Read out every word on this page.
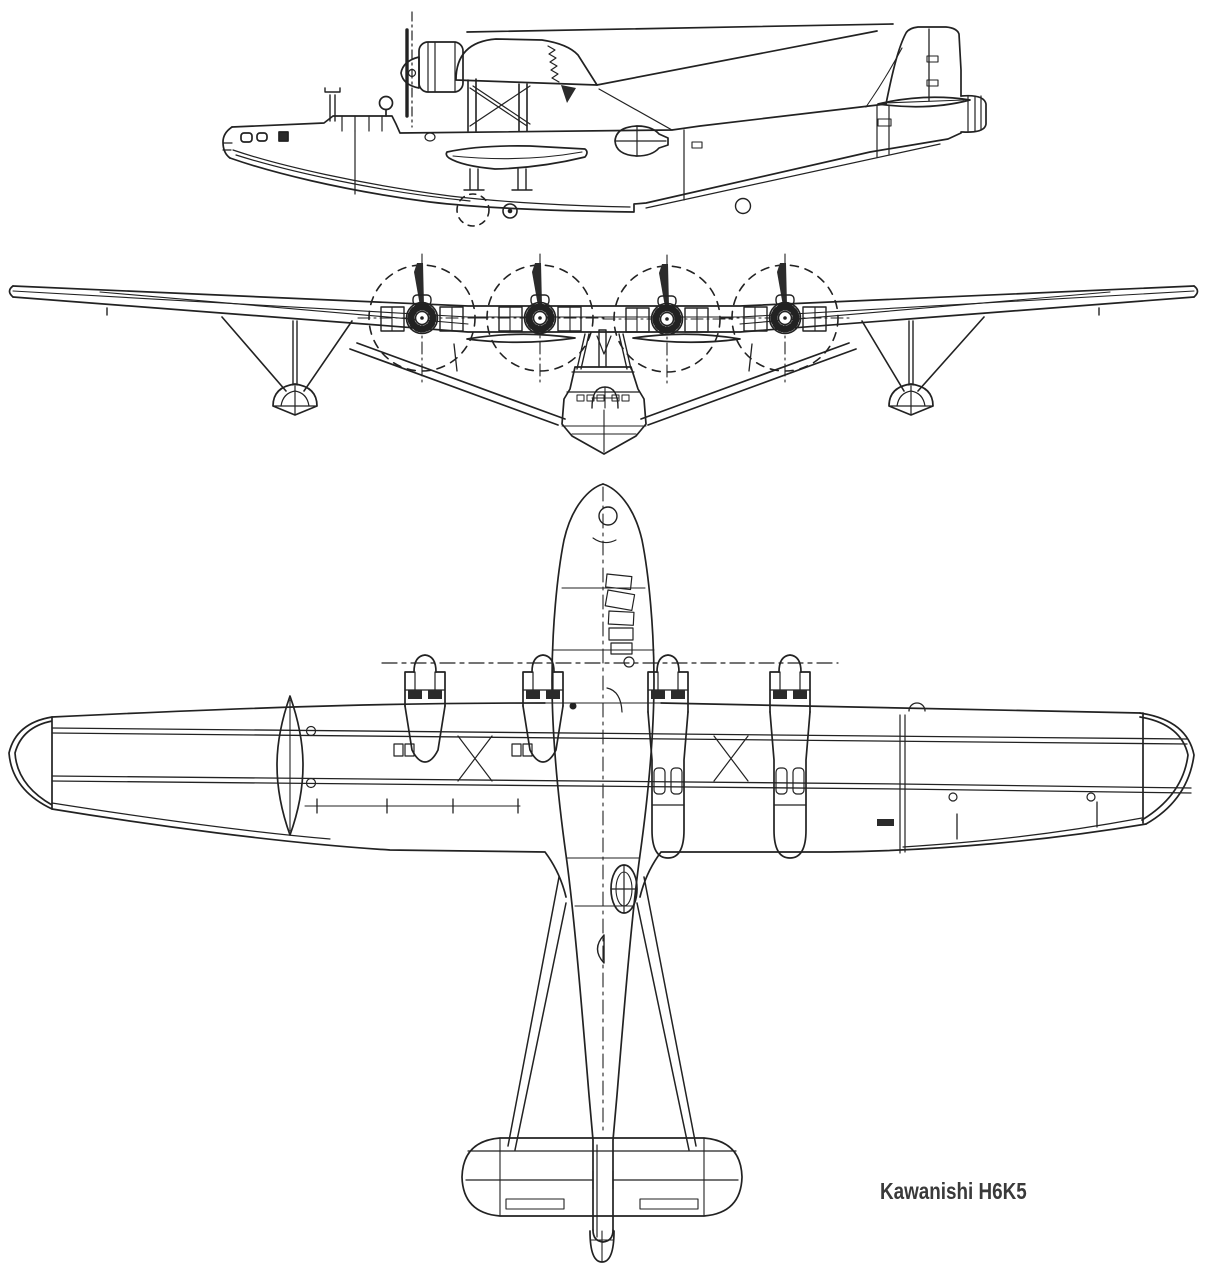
Kawanishi H6K5
